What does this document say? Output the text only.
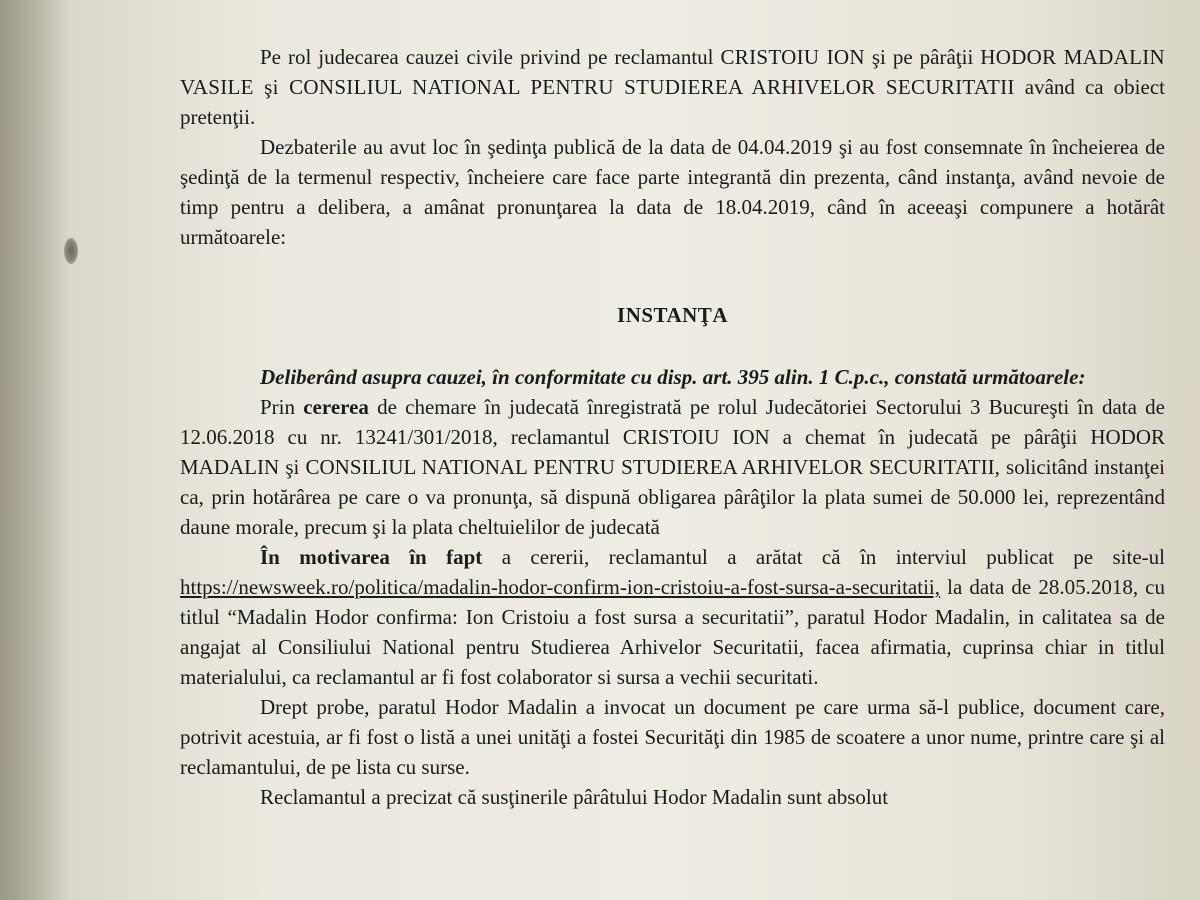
Pe rol judecarea cauzei civile privind pe reclamantul CRISTOIU ION şi pe pârâţii HODOR MADALIN VASILE şi CONSILIUL NATIONAL PENTRU STUDIEREA ARHIVELOR SECURITATII având ca obiect pretenţii.

Dezbaterile au avut loc în şedinţa publică de la data de 04.04.2019 şi au fost consemnate în încheierea de şedinţă de la termenul respectiv, încheiere care face parte integrantă din prezenta, când instanţa, având nevoie de timp pentru a delibera, a amânat pronunţarea la data de 18.04.2019, când în aceeaşi compunere a hotărât următoarele:

INSTANŢA

Deliberând asupra cauzei, în conformitate cu disp. art. 395 alin. 1 C.p.c., constată următoarele:

Prin cererea de chemare în judecată înregistrată pe rolul Judecătoriei Sectorului 3 Bucureşti în data de 12.06.2018 cu nr. 13241/301/2018, reclamantul CRISTOIU ION a chemat în judecată pe pârâţii HODOR MADALIN şi CONSILIUL NATIONAL PENTRU STUDIEREA ARHIVELOR SECURITATII, solicitând instanţei ca, prin hotărârea pe care o va pronunţa, să dispună obligarea pârâţilor la plata sumei de 50.000 lei, reprezentând daune morale, precum şi la plata cheltuielilor de judecată

În motivarea în fapt a cererii, reclamantul a arătat că în interviul publicat pe site-ul https://newsweek.ro/politica/madalin-hodor-confirm-ion-cristoiu-a-fost-sursa-a-securitatii, la data de 28.05.2018, cu titlul “Madalin Hodor confirma: Ion Cristoiu a fost sursa a securitatii”, paratul Hodor Madalin, in calitatea sa de angajat al Consiliului National pentru Studierea Arhivelor Securitatii, facea afirmatia, cuprinsa chiar in titlul materialului, ca reclamantul ar fi fost colaborator si sursa a vechii securitati.

Drept probe, paratul Hodor Madalin a invocat un document pe care urma să-l publice, document care, potrivit acestuia, ar fi fost o listă a unei unităţi a fostei Securităţi din 1985 de scoatere a unor nume, printre care şi al reclamantului, de pe lista cu surse.

Reclamantul a precizat că susţinerile pârâtului Hodor Madalin sunt absolut
